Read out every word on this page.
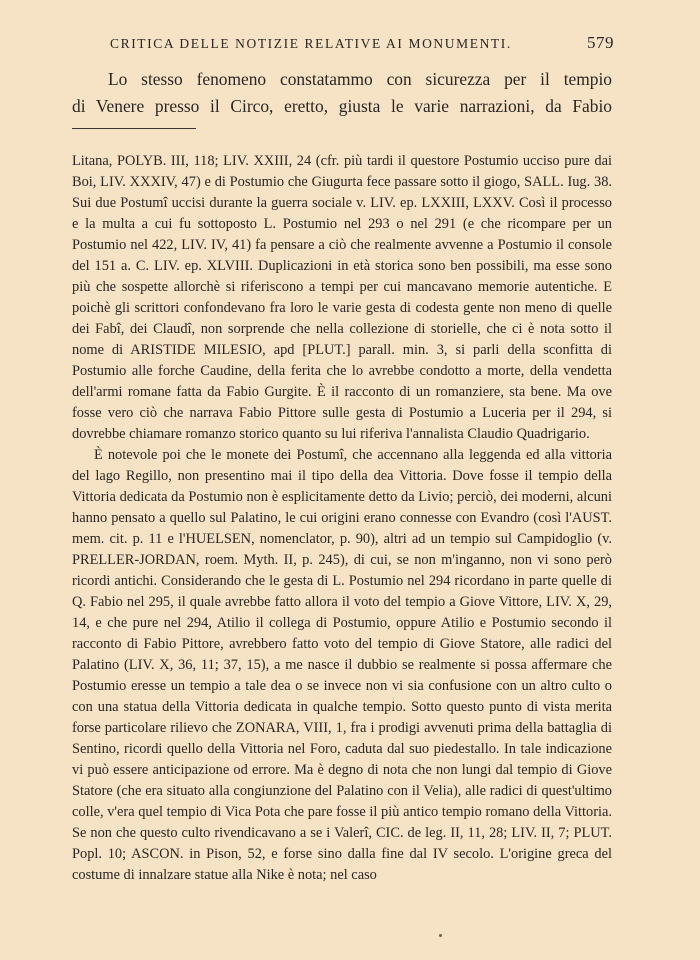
CRITICA DELLE NOTIZIE RELATIVE AI MONUMENTI.	579

Lo stesso fenomeno constatammo con sicurezza per il tempio

di Venere presso il Circo, eretto, giusta le varie narrazioni, da Fabio

Litana, POLYB. III, 118; LIV. XXIII, 24 (cfr. più tardi il questore Postumio ucciso pure dai Boi, LIV. XXXIV, 47) e di Postumio che Giugurta fece passare sotto il giogo, SALL. Iug. 38. Sui due Postumî uccisi durante la guerra sociale v. LIV. ep. LXXIII, LXXV. Così il processo e la multa a cui fu sottoposto L. Postumio nel 293 o nel 291 (e che ricompare per un Postumio nel 422, LIV. IV, 41) fa pensare a ciò che realmente avvenne a Postumio il console del 151 a. C. LIV. ep. XLVIII. Duplicazioni in età storica sono ben possibili, ma esse sono più che sospette allorchè si riferiscono a tempi per cui mancavano memorie autentiche. E poichè gli scrittori confondevano fra loro le varie gesta di codesta gente non meno di quelle dei Fabî, dei Claudî, non sorprende che nella collezione di storielle, che ci è nota sotto il nome di ARISTIDE MILESIO, apd [PLUT.] parall. min. 3, si parli della sconfitta di Postumio alle forche Caudine, della ferita che lo avrebbe condotto a morte, della vendetta dell'armi romane fatta da Fabio Gurgite. È il racconto di un romanziere, sta bene. Ma ove fosse vero ciò che narrava Fabio Pittore sulle gesta di Postumio a Luceria per il 294, si dovrebbe chiamare romanzo storico quanto su lui riferiva l'annalista Claudio Quadrigario.

È notevole poi che le monete dei Postumî, che accennano alla leggenda ed alla vittoria del lago Regillo, non presentino mai il tipo della dea Vittoria. Dove fosse il tempio della Vittoria dedicata da Postumio non è esplicitamente detto da Livio; perciò, dei moderni, alcuni hanno pensato a quello sul Palatino, le cui origini erano connesse con Evandro (così l'AUST. mem. cit. p. 11 e l'HUELSEN, nomenclator, p. 90), altri ad un tempio sul Campidoglio (v. PRELLER-JORDAN, roem. Myth. II, p. 245), di cui, se non m'inganno, non vi sono però ricordi antichi. Considerando che le gesta di L. Postumio nel 294 ricordano in parte quelle di Q. Fabio nel 295, il quale avrebbe fatto allora il voto del tempio a Giove Vittore, LIV. X, 29, 14, e che pure nel 294, Atilio il collega di Postumio, oppure Atilio e Postumio secondo il racconto di Fabio Pittore, avrebbero fatto voto del tempio di Giove Statore, alle radici del Palatino (LIV. X, 36, 11; 37, 15), a me nasce il dubbio se realmente si possa affermare che Postumio eresse un tempio a tale dea o se invece non vi sia confusione con un altro culto o con una statua della Vittoria dedicata in qualche tempio. Sotto questo punto di vista merita forse particolare rilievo che ZONARA, VIII, 1, fra i prodigi avvenuti prima della battaglia di Sentino, ricordi quello della Vittoria nel Foro, caduta dal suo piedestallo. In tale indicazione vi può essere anticipazione od errore. Ma è degno di nota che non lungi dal tempio di Giove Statore (che era situato alla congiunzione del Palatino con il Velia), alle radici di quest'ultimo colle, v'era quel tempio di Vica Pota che pare fosse il più antico tempio romano della Vittoria. Se non che questo culto rivendicavano a se i Valerî, CIC. de leg. II, 11, 28; LIV. II, 7; PLUT. Popl. 10; ASCON. in Pison, 52, e forse sino dalla fine dal IV secolo. L'origine greca del costume di innalzare statue alla Nike è nota; nel caso
